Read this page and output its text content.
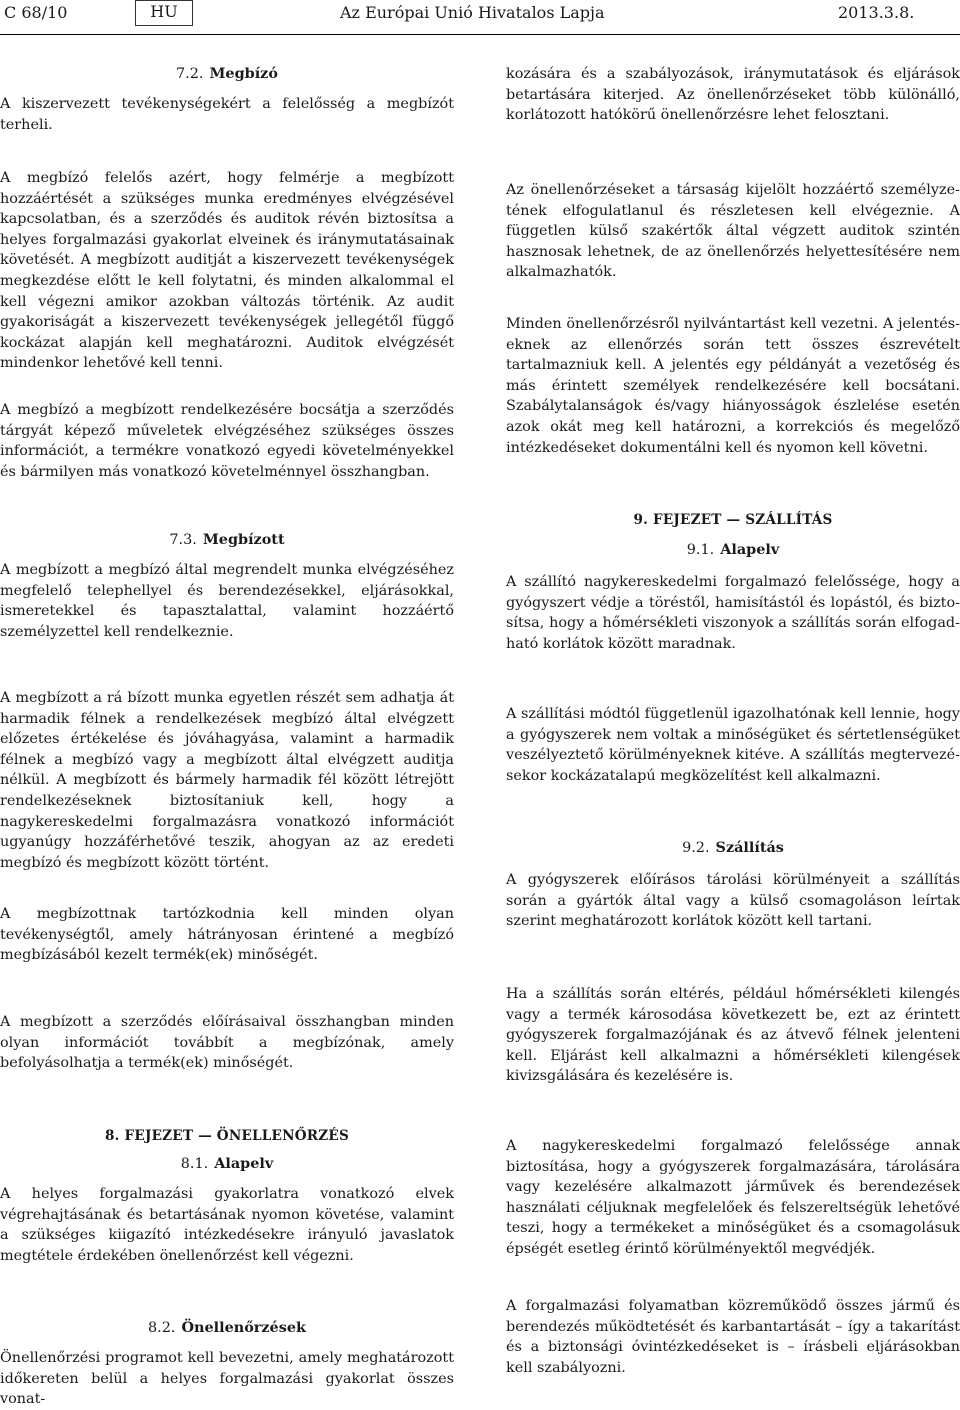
C 68/10	HU	Az Európai Unió Hivatalos Lapja	2013.3.8.

7.2. Megbízó

A kiszervezett tevékenységekért a felelősség a megbízót terheli.

A megbízó felelős azért, hogy felmérje a megbízott hozzáértését a szükséges munka eredményes elvégzésével kapcsolatban, és a szerződés és auditok révén biztosítsa a helyes forgalmazási gyakorlat elveinek és iránymutatásainak követését. A megbízott auditját a kiszervezett tevékenységek megkezdése előtt le kell folytatni, és minden alkalommal el kell végezni amikor azokban változás történik. Az audit gyakoriságát a kiszervezett tevékenységek jellegétől függő kockázat alapján kell meghatározni. Auditok elvégzését mindenkor lehetővé kell tenni.

A megbízó a megbízott rendelkezésére bocsátja a szerződés tárgyát képező műveletek elvégzéséhez szükséges összes információt, a termékre vonatkozó egyedi követelményekkel és bármilyen más vonatkozó követelménnyel összhangban.

7.3. Megbízott

A megbízott a megbízó által megrendelt munka elvégzéséhez megfelelő telephellyel és berendezésekkel, eljárásokkal, ismeretekkel és tapasztalattal, valamint hozzáértő személyzettel kell rendelkeznie.

A megbízott a rá bízott munka egyetlen részét sem adhatja át harmadik félnek a rendelkezések megbízó által elvégzett előzetes értékelése és jóváhagyása, valamint a harmadik félnek a megbízó vagy a megbízott által elvégzett auditja nélkül. A megbízott és bármely harmadik fél között létrejött rendelkezéseknek biztosítaniuk kell, hogy a nagykereskedelmi forgalmazásra vonatkozó információt ugyanúgy hozzáférhetővé teszik, ahogyan az az eredeti megbízó és megbízott között történt.

A megbízottnak tartózkodnia kell minden olyan tevékenységtől, amely hátrányosan érintené a megbízó megbízásából kezelt termék(ek) minőségét.

A megbízott a szerződés előírásaival összhangban minden olyan információt továbbít a megbízónak, amely befolyásolhatja a termék(ek) minőségét.

8. FEJEZET — ÖNELLENŐRZÉS

8.1. Alapelv

A helyes forgalmazási gyakorlatra vonatkozó elvek végrehajtásának és betartásának nyomon követése, valamint a szükséges kiigazító intézkedésekre irányuló javaslatok megtétele érdekében önellenőrzést kell végezni.

8.2. Önellenőrzések

Önellenőrzési programot kell bevezetni, amely meghatározott időkereten belül a helyes forgalmazási gyakorlat összes vonat-

kozására és a szabályozások, iránymutatások és eljárások betartására kiterjed. Az önellenőrzéseket több különálló, korlátozott hatókörű önellenőrzésre lehet felosztani.

Az önellenőrzéseket a társaság kijelölt hozzáértő személyzetének elfogulatlanul és részletesen kell elvégeznie. A független külső szakértők által végzett auditok szintén hasznosak lehetnek, de az önellenőrzés helyettesítésére nem alkalmazhatók.

Minden önellenőrzésről nyilvántartást kell vezetni. A jelentéseknek az ellenőrzés során tett összes észrevételt tartalmazniuk kell. A jelentés egy példányát a vezetőség és más érintett személyek rendelkezésére kell bocsátani. Szabálytalanságok és/vagy hiányosságok észlelése esetén azok okát meg kell határozni, a korrekciós és megelőző intézkedéseket dokumentálni kell és nyomon kell követni.

9. FEJEZET — SZÁLLÍTÁS

9.1. Alapelv

A szállító nagykereskedelmi forgalmazó felelőssége, hogy a gyógyszert védje a töréstől, hamisítástól és lopástól, és biztosítsa, hogy a hőmérsékleti viszonyok a szállítás során elfogadható korlátok között maradnak.

A szállítási módtól függetlenül igazolhatónak kell lennie, hogy a gyógyszerek nem voltak a minőségüket és sértetlenségüket veszélyeztető körülményeknek kitéve. A szállítás megtervezésekor kockázatalapú megközelítést kell alkalmazni.

9.2. Szállítás

A gyógyszerek előírásos tárolási körülményeit a szállítás során a gyártók által vagy a külső csomagoláson leírtak szerint meghatározott korlátok között kell tartani.

Ha a szállítás során eltérés, például hőmérsékleti kilengés vagy a termék károsodása következett be, ezt az érintett gyógyszerek forgalmazójának és az átvevő félnek jelenteni kell. Eljárást kell alkalmazni a hőmérsékleti kilengések kivizsgálására és kezelésére is.

A nagykereskedelmi forgalmazó felelőssége annak biztosítása, hogy a gyógyszerek forgalmazására, tárolására vagy kezelésére alkalmazott járművek és berendezések használati céljuknak megfelelőek és felszereltségük lehetővé teszi, hogy a termékeket a minőségüket és a csomagolásuk épségét esetleg érintő körülményektől megvédjék.

A forgalmazási folyamatban közreműködő összes jármű és berendezés működtetését és karbantartását – így a takarítást és a biztonsági óvintézkedéseket is – írásbeli eljárásokban kell szabályozni.
